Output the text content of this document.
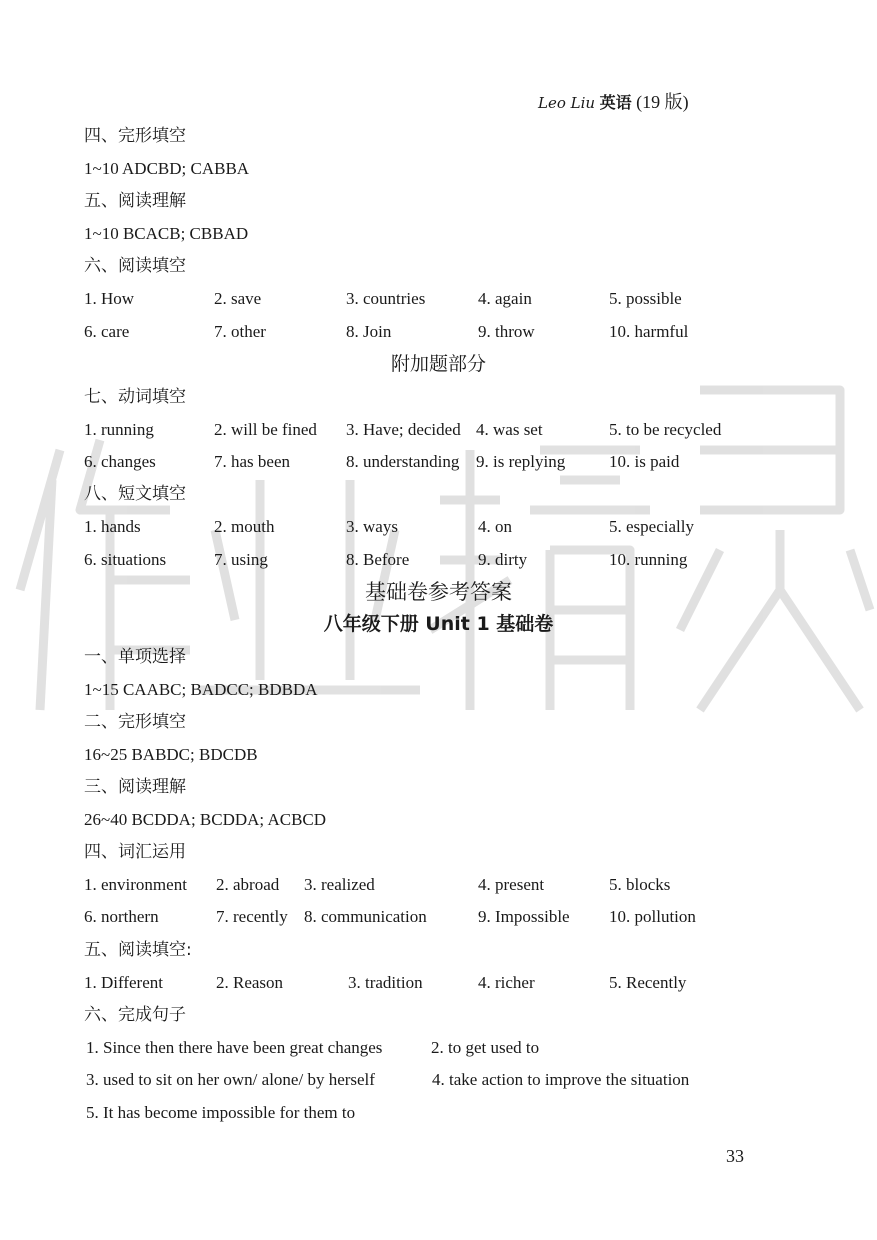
Leo Liu 英语 (19 版)
四、完形填空
1~10 ADCBD; CABBA
五、阅读理解
1~10 BCACB; CBBAD
六、阅读填空
1. How	2. save	3. countries	4. again	5. possible
6. care	7. other	8. Join	9. throw	10. harmful
附加题部分
七、动词填空
1. running	2. will be fined 3. Have; decided 4. was set	5. to be recycled
6. changes	7. has been	8. understanding 9. is replying	10. is paid
八、短文填空
1. hands	2. mouth	3. ways	4. on	5. especially
6. situations	7. using	8. Before	9. dirty	10. running
基础卷参考答案
八年级下册 Unit 1 基础卷
一、单项选择
1~15 CAABC; BADCC; BDBDA
二、完形填空
16~25 BABDC; BDCDB
三、阅读理解
26~40 BCDDA; BCDDA; ACBCD
四、词汇运用
1. environment 2. abroad 3. realized	4. present	5. blocks
6. northern	7. recently 8. communication	9. Impossible 10. pollution
五、阅读填空:
1. Different	2. Reason	3. tradition	4. richer	5. Recently
六、完成句子
1. Since then there have been great changes	2. to get used to
3. used to sit on her own/ alone/ by herself	4. take action to improve the situation
5. It has become impossible for them to
33
